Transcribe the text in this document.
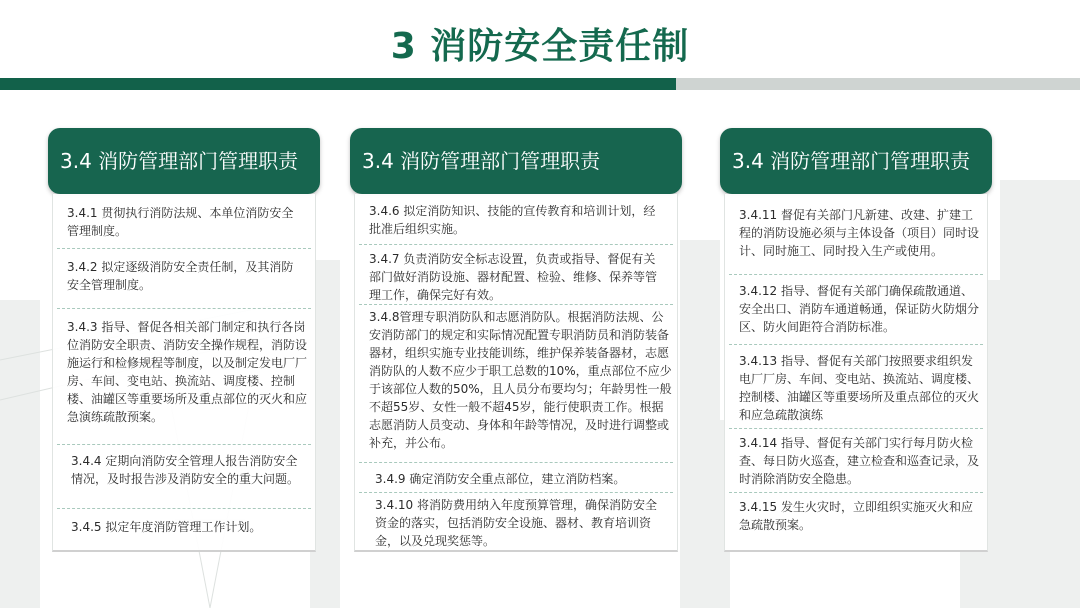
3 消防安全责任制
3.4 消防管理部门管理职责
3.4.1 贯彻执行消防法规、本单位消防安全管理制度。
3.4.2 拟定逐级消防安全责任制，及其消防安全管理制度。
3.4.3 指导、督促各相关部门制定和执行各岗位消防安全职责、消防安全操作规程，消防设施运行和检修规程等制度，以及制定发电厂厂房、车间、变电站、换流站、调度楼、控制楼、油罐区等重要场所及重点部位的灭火和应急演练疏散预案。
3.4.4 定期向消防安全管理人报告消防安全情况，及时报告涉及消防安全的重大问题。
3.4.5 拟定年度消防管理工作计划。
3.4 消防管理部门管理职责
3.4.6 拟定消防知识、技能的宣传教育和培训计划，经批准后组织实施。
3.4.7 负责消防安全标志设置，负责或指导、督促有关部门做好消防设施、器材配置、检验、维修、保养等管理工作，确保完好有效。
3.4.8管理专职消防队和志愿消防队。根据消防法规、公安消防部门的规定和实际情况配置专职消防员和消防装备器材，组织实施专业技能训练，维护保养装备器材，志愿消防队的人数不应少于职工总数的10%，重点部位不应少于该部位人数的50%，且人员分布要均匀；年龄男性一般不超55岁、女性一般不超45岁，能行使职责工作。根据志愿消防人员变动、身体和年龄等情况，及时进行调整或补充，并公布。
3.4.9 确定消防安全重点部位，建立消防档案。
3.4.10 将消防费用纳入年度预算管理，确保消防安全资金的落实，包括消防安全设施、器材、教育培训资金，以及兑现奖惩等。
3.4 消防管理部门管理职责
3.4.11 督促有关部门凡新建、改建、扩建工程的消防设施必须与主体设备（项目）同时设计、同时施工、同时投入生产或使用。
3.4.12 指导、督促有关部门确保疏散通道、安全出口、消防车通道畅通，保证防火防烟分区、防火间距符合消防标准。
3.4.13 指导、督促有关部门按照要求组织发电厂厂房、车间、变电站、换流站、调度楼、控制楼、油罐区等重要场所及重点部位的灭火和应急疏散演练
3.4.14 指导、督促有关部门实行每月防火检查、每日防火巡查，建立检查和巡查记录，及时消除消防安全隐患。
3.4.15 发生火灾时，立即组织实施灭火和应急疏散预案。
